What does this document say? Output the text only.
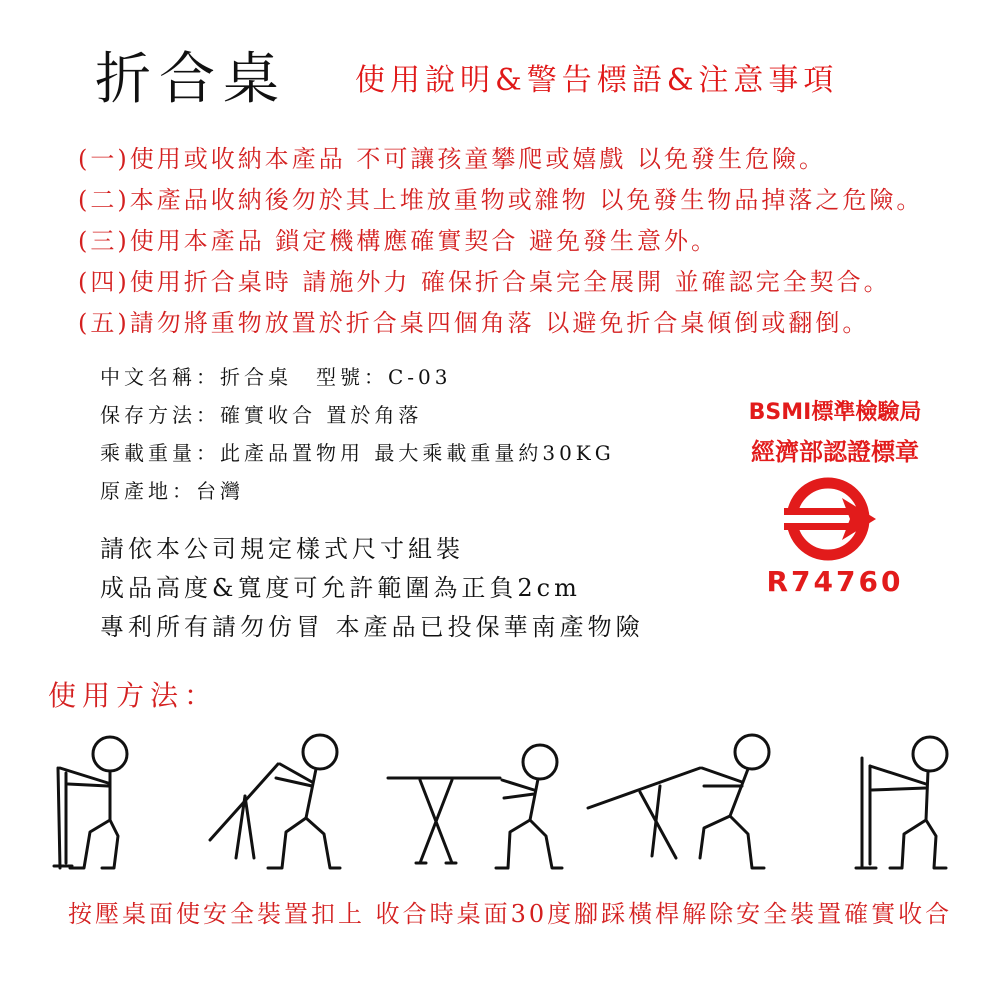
折合桌 使用說明&警告標語&注意事項
(一)使用或收納本產品 不可讓孩童攀爬或嬉戲 以免發生危險。
(二)本產品收納後勿於其上堆放重物或雜物 以免發生物品掉落之危險。
(三)使用本產品 鎖定機構應確實契合 避免發生意外。
(四)使用折合桌時 請施外力 確保折合桌完全展開 並確認完全契合。
(五)請勿將重物放置於折合桌四個角落 以避免折合桌傾倒或翻倒。
中文名稱：折合桌　型號：C-03
保存方法：確實收合 置於角落
乘載重量：此產品置物用 最大乘載重量約30KG
原產地：台灣
請依本公司規定樣式尺寸組裝
成品高度&寬度可允許範圍為正負2cm
專利所有請勿仿冒 本產品已投保華南產物險
BSMI標準檢驗局
經濟部認證標章
R74760
使用方法：
按壓桌面使安全裝置扣上 收合時桌面30度腳踩橫桿解除安全裝置確實收合
